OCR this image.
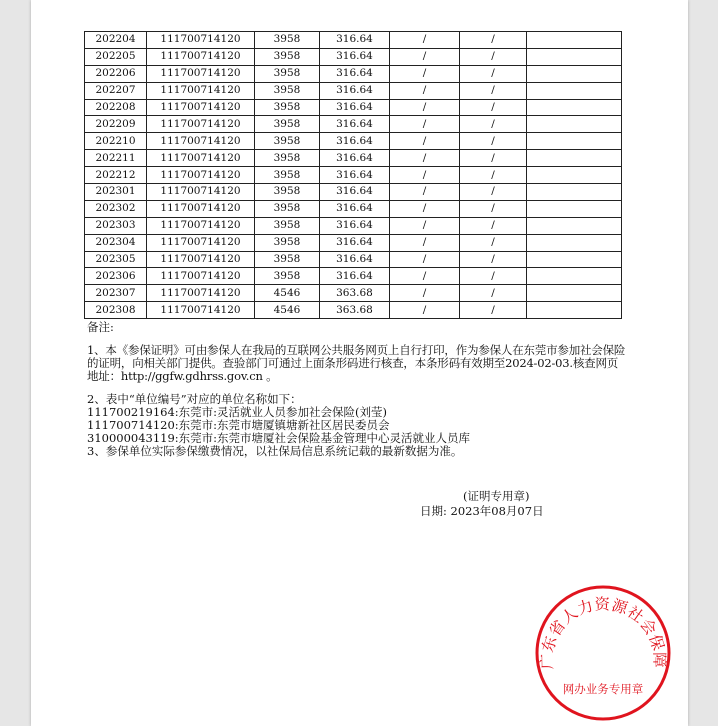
202204	111700714120	3958	316.64	/	/	
202205	111700714120	3958	316.64	/	/	
202206	111700714120	3958	316.64	/	/	
202207	111700714120	3958	316.64	/	/	
202208	111700714120	3958	316.64	/	/	
202209	111700714120	3958	316.64	/	/	
202210	111700714120	3958	316.64	/	/	
202211	111700714120	3958	316.64	/	/	
202212	111700714120	3958	316.64	/	/	
202301	111700714120	3958	316.64	/	/	
202302	111700714120	3958	316.64	/	/	
202303	111700714120	3958	316.64	/	/	
202304	111700714120	3958	316.64	/	/	
202305	111700714120	3958	316.64	/	/	
202306	111700714120	3958	316.64	/	/	
202307	111700714120	4546	363.68	/	/	
202308	111700714120	4546	363.68	/	/	

备注:

1、本《参保证明》可由参保人在我局的互联网公共服务网页上自行打印，作为参保人在东莞市参加社会保险的证明，向相关部门提供。查验部门可通过上面条形码进行核查，本条形码有效期至2024-02-03.核查网页地址：http://ggfw.gdhrss.gov.cn 。

2、表中“单位编号”对应的单位名称如下：

111700219164:东莞市:灵活就业人员参加社会保险(刘莹)

111700714120:东莞市:东莞市塘厦镇塘新社区居民委员会

310000043119:东莞市:东莞市塘厦社会保险基金管理中心灵活就业人员库

3、参保单位实际参保缴费情况，以社保局信息系统记载的最新数据为准。

(证明专用章)
日期: 2023年08月07日
广东省人力资源社会保障
网办业务专用章
